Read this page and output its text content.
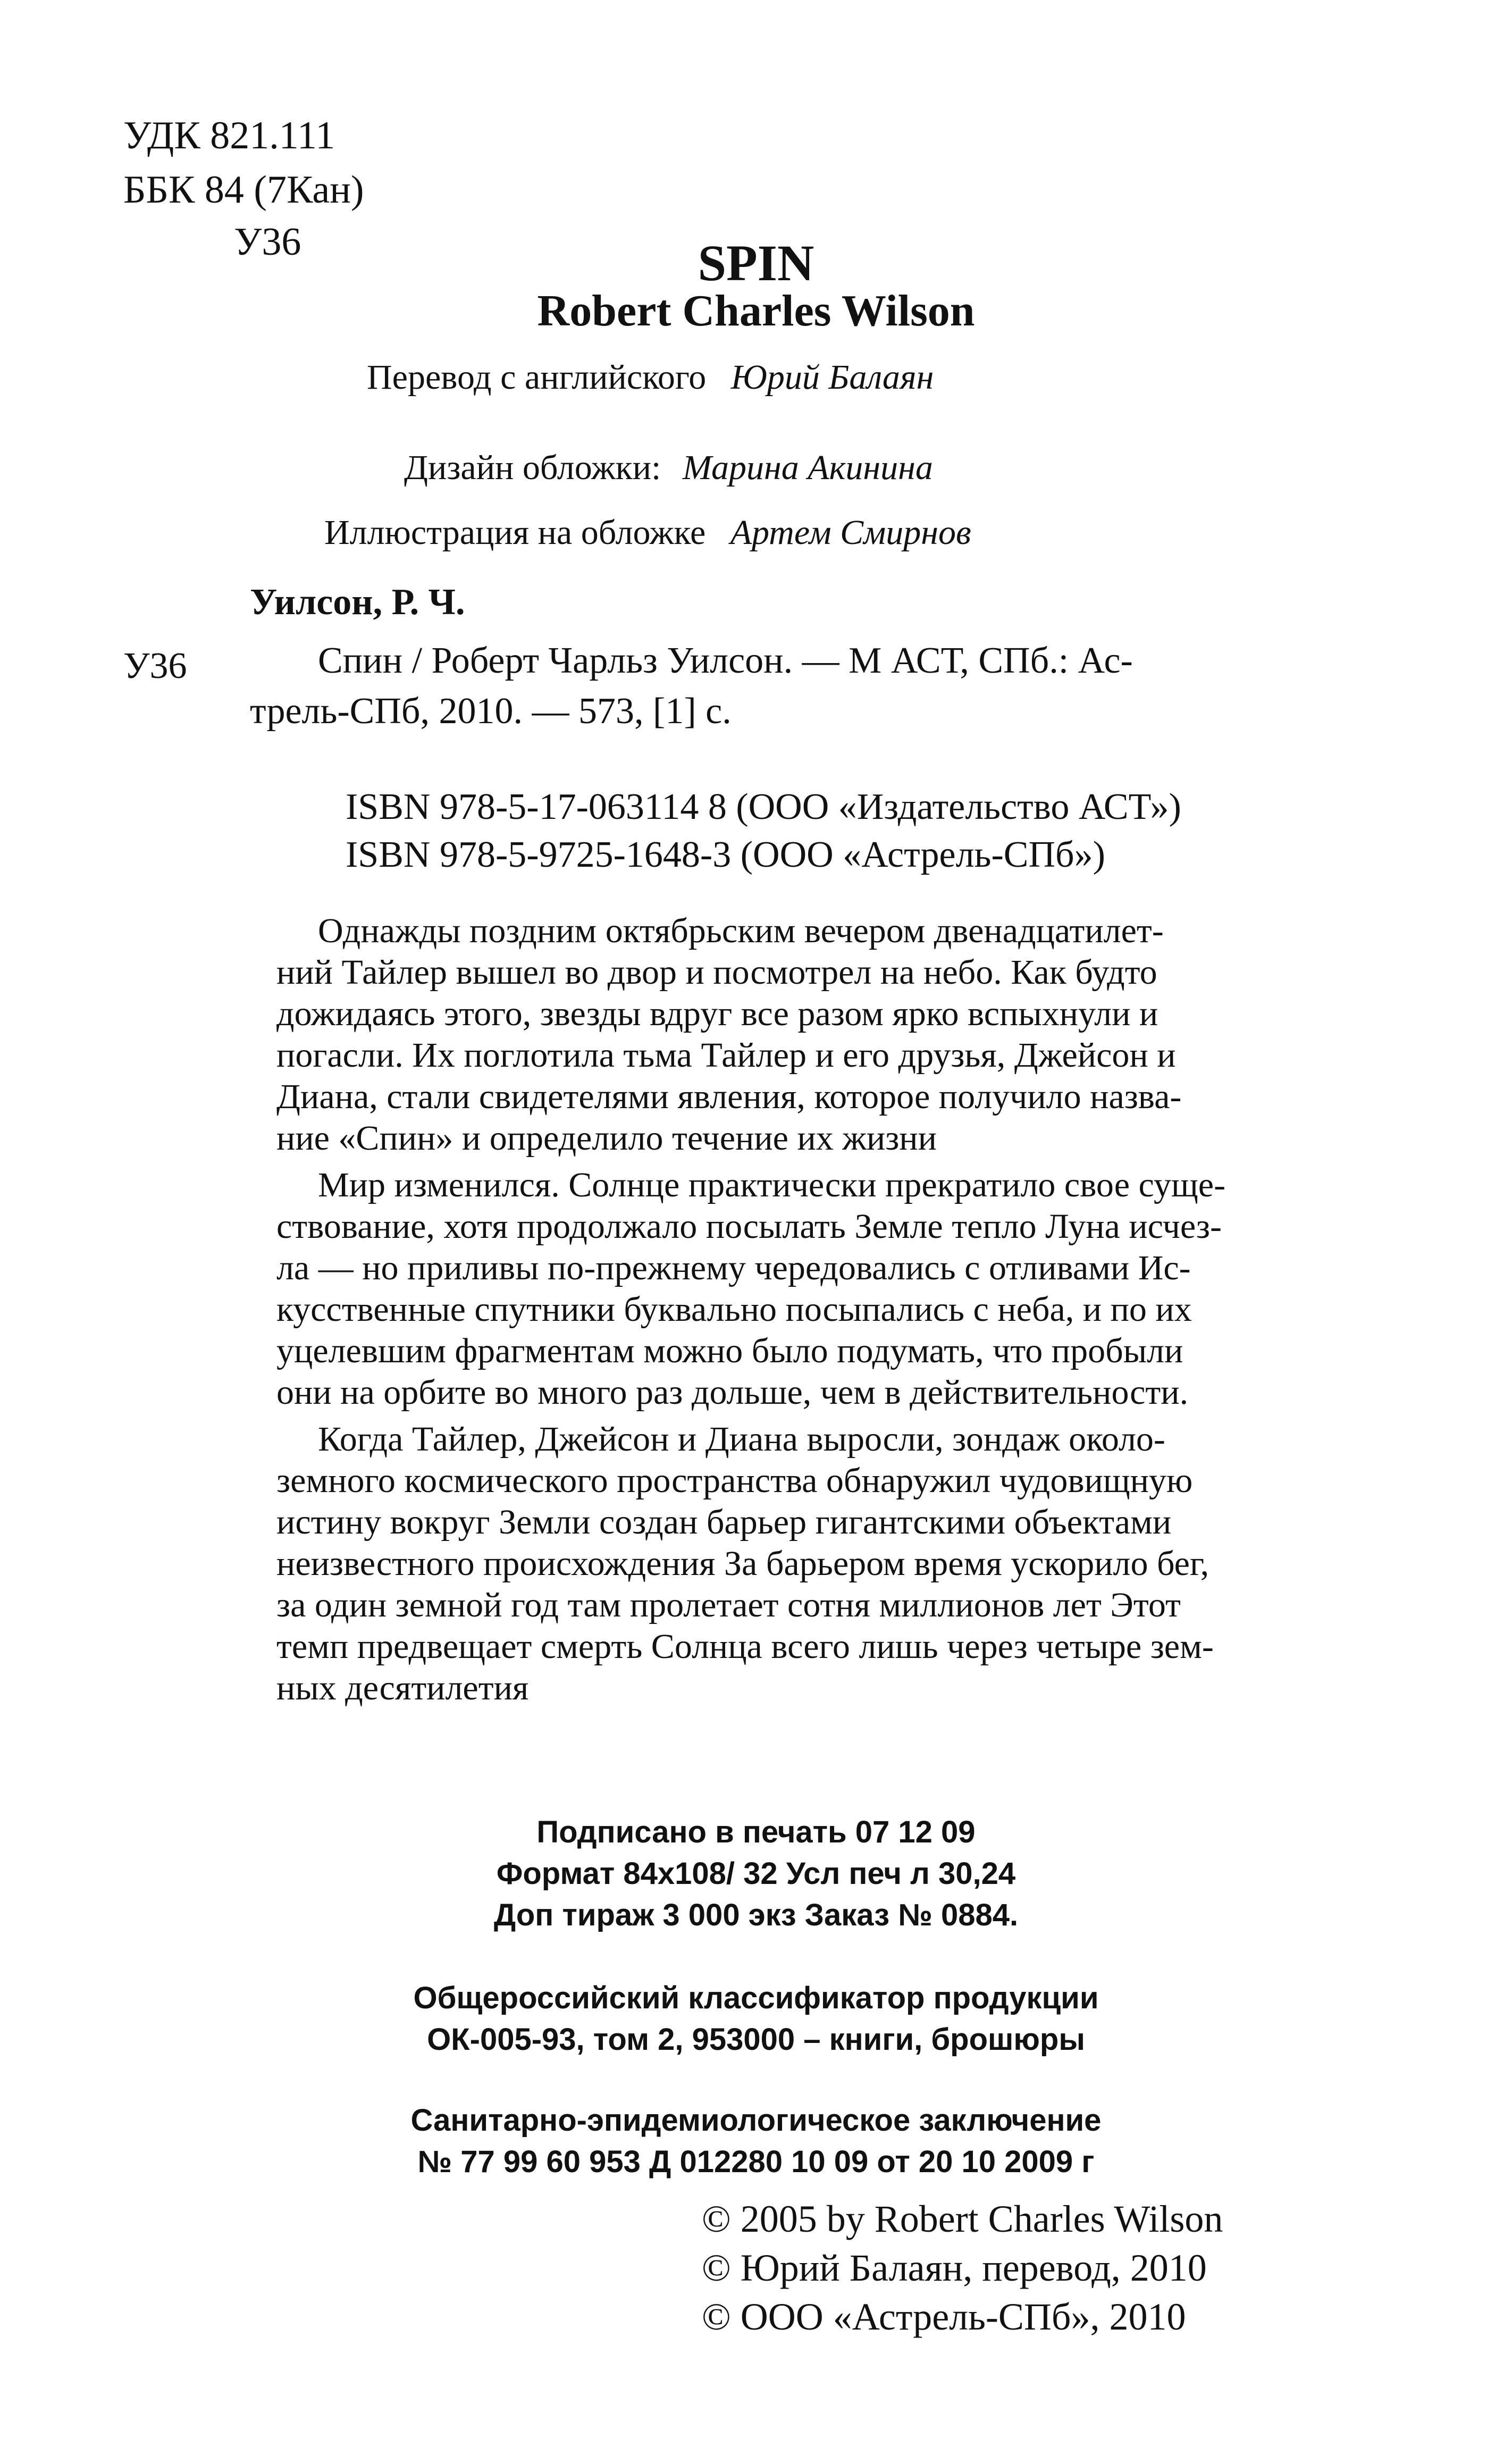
УДК 821.111
ББК 84 (7Кан)
У36	SPIN
Robert Charles Wilson
Перевод с английского Юрий Балаян
Дизайн обложки: Марина Акинина
Иллюстрация на обложке Артем Смирнов
Уилсон, Р. Ч.
У36	Спин / Роберт Чарльз Уилсон. — М АСТ, СПб.: Ас-
трель-СПб, 2010. — 573, [1] с.
ISBN 978-5-17-063114 8 (ООО «Издательство АСТ»)
ISBN 978-5-9725-1648-3 (ООО «Астрель-СПб»)
Однажды поздним октябрьским вечером двенадцатилет-
ний Тайлер вышел во двор и посмотрел на небо. Как будто
дожидаясь этого, звезды вдруг все разом ярко вспыхнули и
погасли. Их поглотила тьма Тайлер и его друзья, Джейсон и
Диана, стали свидетелями явления, которое получило назва-
ние «Спин» и определило течение их жизни
Мир изменился. Солнце практически прекратило свое суще-
ствование, хотя продолжало посылать Земле тепло Луна исчез-
ла — но приливы по-прежнему чередовались с отливами Ис-
кусственные спутники буквально посыпались с неба, и по их
уцелевшим фрагментам можно было подумать, что пробыли
они на орбите во много раз дольше, чем в действительности.
Когда Тайлер, Джейсон и Диана выросли, зондаж около-
земного космического пространства обнаружил чудовищную
истину вокруг Земли создан барьер гигантскими объектами
неизвестного происхождения За барьером время ускорило бег,
за один земной год там пролетает сотня миллионов лет Этот
темп предвещает смерть Солнца всего лишь через четыре зем-
ных десятилетия
Подписано в печать 07 12 09
Формат 84x108/ 32 Усл печ л 30,24
Доп тираж 3 000 экз Заказ № 0884.
Общероссийский классификатор продукции
ОК-005-93, том 2, 953000 – книги, брошюры
Санитарно-эпидемиологическое заключение
№ 77 99 60 953 Д 012280 10 09 от 20 10 2009 г
© 2005 by Robert Charles Wilson
© Юрий Балаян, перевод, 2010
© ООО «Астрель-СПб», 2010
